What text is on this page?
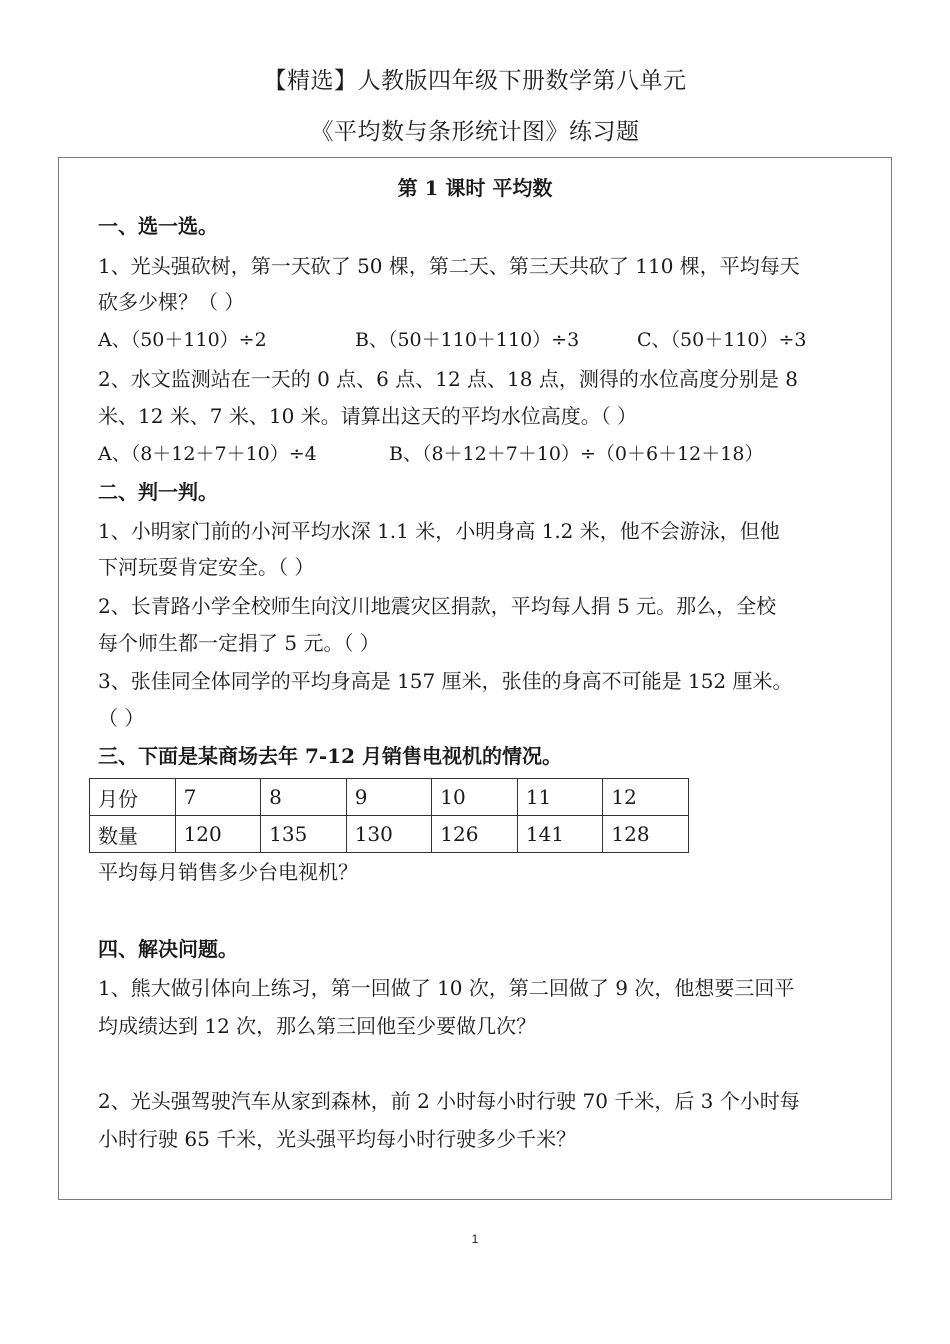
【精选】人教版四年级下册数学第八单元
《平均数与条形统计图》练习题
第 1 课时 平均数
一、选一选。
1、光头强砍树，第一天砍了 50 棵，第二天、第三天共砍了 110 棵，平均每天
砍多少棵？（ ）
A、（50＋110）÷2	B、（50＋110＋110）÷3	C、（50＋110）÷3
2、水文监测站在一天的 0 点、6 点、12 点、18 点，测得的水位高度分别是 8
米、12 米、7 米、10 米。请算出这天的平均水位高度。（ ）
A、（8＋12＋7＋10）÷4	B、（8＋12＋7＋10）÷（0＋6＋12＋18）
二、判一判。
1、小明家门前的小河平均水深 1.1 米，小明身高 1.2 米，他不会游泳，但他
下河玩耍肯定安全。（ ）
2、长青路小学全校师生向汶川地震灾区捐款，平均每人捐 5 元。那么，全校
每个师生都一定捐了 5 元。（ ）
3、张佳同全体同学的平均身高是 157 厘米，张佳的身高不可能是 152 厘米。
（ ）
三、下面是某商场去年 7-12 月销售电视机的情况。
月份	7	8	9	10	11	12
数量	120	135	130	126	141	128
平均每月销售多少台电视机？
四、解决问题。
1、熊大做引体向上练习，第一回做了 10 次，第二回做了 9 次，他想要三回平
均成绩达到 12 次，那么第三回他至少要做几次？
2、光头强驾驶汽车从家到森林，前 2 小时每小时行驶 70 千米，后 3 个小时每
小时行驶 65 千米，光头强平均每小时行驶多少千米？
1
